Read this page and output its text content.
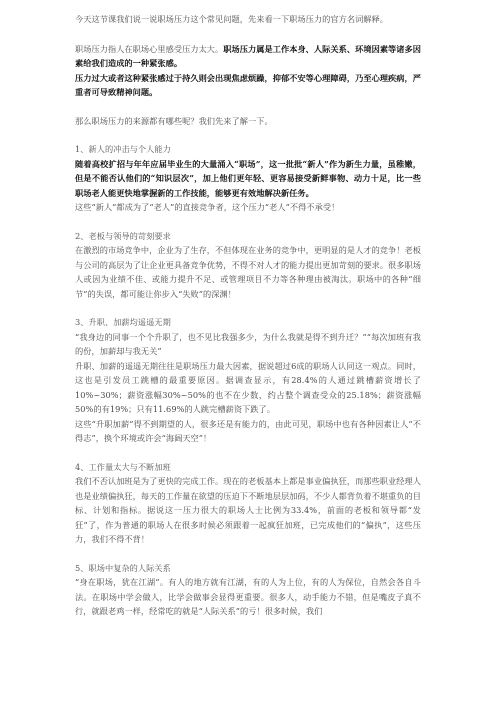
今天这节课我们说一说职场压力这个常见问题，先来看一下职场压力的官方名词解释。

职场压力指人在职场心里感受压力太大。职场压力属是工作本身、人际关系、环境因素等诸多因素给我们造成的一种紧张感。

压力过大或者这种紧张感过于持久则会出现焦虑烦躁，抑郁不安等心理障碍，乃至心理疾病，严重者可导致精神问题。

那么职场压力的来源都有哪些呢？我们先来了解一下。

1、新人的冲击与个人能力

随着高校扩招与年年应届毕业生的大量涌入“职场”，这一批批“新人”作为新生力量，虽稚嫩，但是不能否认他们的“知识层次”，加上他们更年轻、更容易接受新鲜事物、动力十足，比一些职场老人能更快地掌握新的工作技能，能够更有效地解决新任务。

这些“新人”都成为了“老人”的直接竞争者，这个压力“老人”不得不承受！

2、老板与领导的苛刻要求

在激烈的市场竞争中，企业为了生存，不但体现在业务的竞争中，更明显的是人才的竞争！老板与公司的高层为了让企业更具备竞争优势，不得不对人才的能力提出更加苛刻的要求。很多职场人或因为业绩不佳、或能力提升不足、或管理项目不力等各种理由被淘汰。职场中的各种“细节”的失误，都可能让你步入“失败”的深渊！

3、升职、加薪均遥遥无期

“我身边的同事一个个升职了，也不见比我强多少，为什么我就是得不到升迁？”“每次加班有我的份，加薪却与我无关”

升职、加薪的遥遥无期往往是职场压力最大因素，据说超过6成的职场人认同这一观点。同时，这也是引发员工跳槽的最重要原因。据调查显示，有28.4%的人通过跳槽薪资增长了10%~30%；薪资涨幅30%~50%的也不在少数，约占整个调查受众的25.18%；薪资涨幅50%的有19%；只有11.69%的人跳完槽薪资下跌了。

这些“升职加薪”得不到期望的人，很多还是有能力的，由此可见，职场中也有各种因素让人“不得志”，换个环境或许会“海阔天空”！

4、工作量太大与不断加班

我们不否认加班是为了更快的完成工作。现在的老板基本上都是事业偏执狂，而那些职业经理人也是业绩偏执狂，每天的工作量在欲望的压迫下不断地层层加码，不少人都背负着不堪重负的目标、计划和指标。据说这一压力很大的职场人士比例为33.4%，前面的老板和领导都“发狂”了，作为普通的职场人在很多时候必须跟着一起疯狂加班，已完成他们的“偏执”，这些压力，我们不得不背！

5、职场中复杂的人际关系

“身在职场，犹在江湖”。有人的地方就有江湖，有的人为上位，有的人为保位，自然会各自斗法。在职场中学会做人，比学会做事会显得更重要。很多人，动手能力不错，但是嘴皮子真不行，就跟老鸡一样，经常吃的就是“人际关系”的亏！很多时候，我们
